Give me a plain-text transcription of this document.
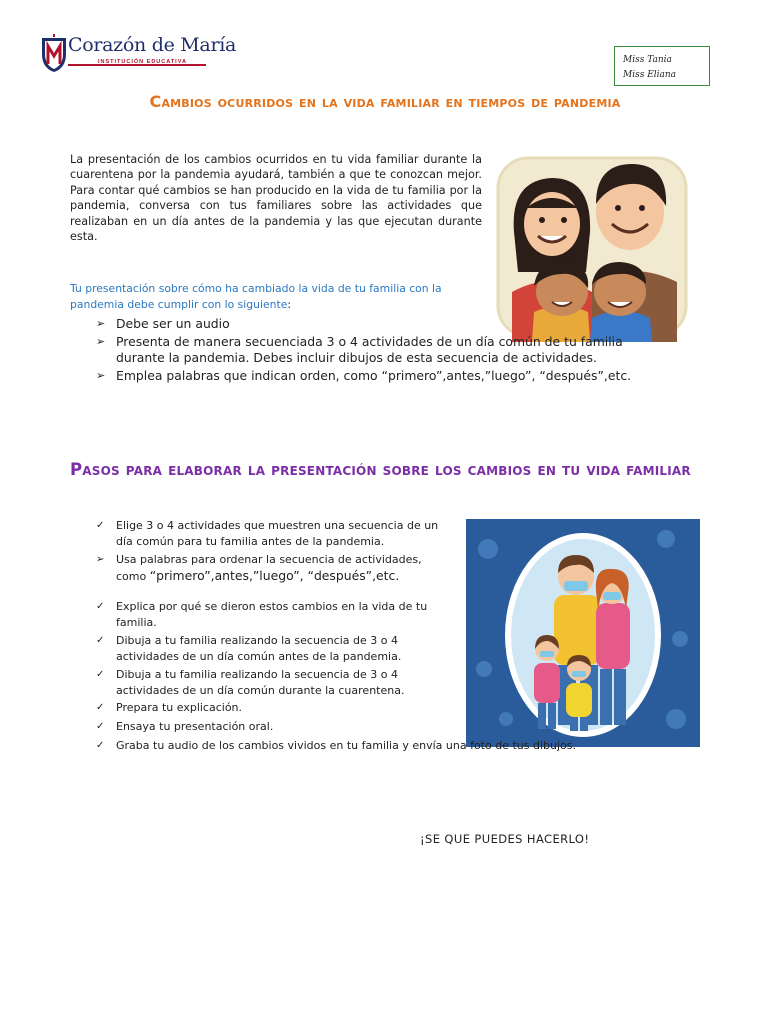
Corazón de María
INSTITUCIÓN EDUCATIVA	Miss Tania
Miss Eliana
Cambios ocurridos en la vida familiar en tiempos de pandemia
La presentación de los cambios ocurridos en tu vida familiar durante la cuarentena por la pandemia ayudará, también a que te conozcan mejor. Para contar qué cambios se han producido en la vida de tu familia por la pandemia, conversa con tus familiares sobre las actividades que realizaban en un día antes de la pandemia y las que ejecutan durante esta.
Tu presentación sobre cómo ha cambiado la vida de tu familia con la pandemia debe cumplir con lo siguiente:
➢ Debe ser un audio
➢ Presenta de manera secuenciada 3 o 4 actividades de un día común de tu familia durante la pandemia. Debes incluir dibujos de esta secuencia de actividades.
➢ Emplea palabras que indican orden, como “primero”,antes,”luego”, “después”,etc.
Pasos para elaborar la presentación sobre los cambios en tu vida familiar
✓ Elige 3 o 4 actividades que muestren una secuencia de un día común para tu familia antes de la pandemia.
➢ Usa palabras para ordenar la secuencia de actividades, como “primero”,antes,”luego”, “después”,etc.
✓ Explica por qué se dieron estos cambios en la vida de tu familia.
✓ Dibuja a tu familia realizando la secuencia de 3 o 4 actividades de un día común antes de la pandemia.
✓ Dibuja a tu familia realizando la secuencia de 3 o 4 actividades de un día común durante la cuarentena.
✓ Prepara tu explicación.
✓ Ensaya tu presentación oral.
✓ Graba tu audio de los cambios vividos en tu familia y envía una foto de tus dibujos.
¡SE QUE PUEDES HACERLO!
